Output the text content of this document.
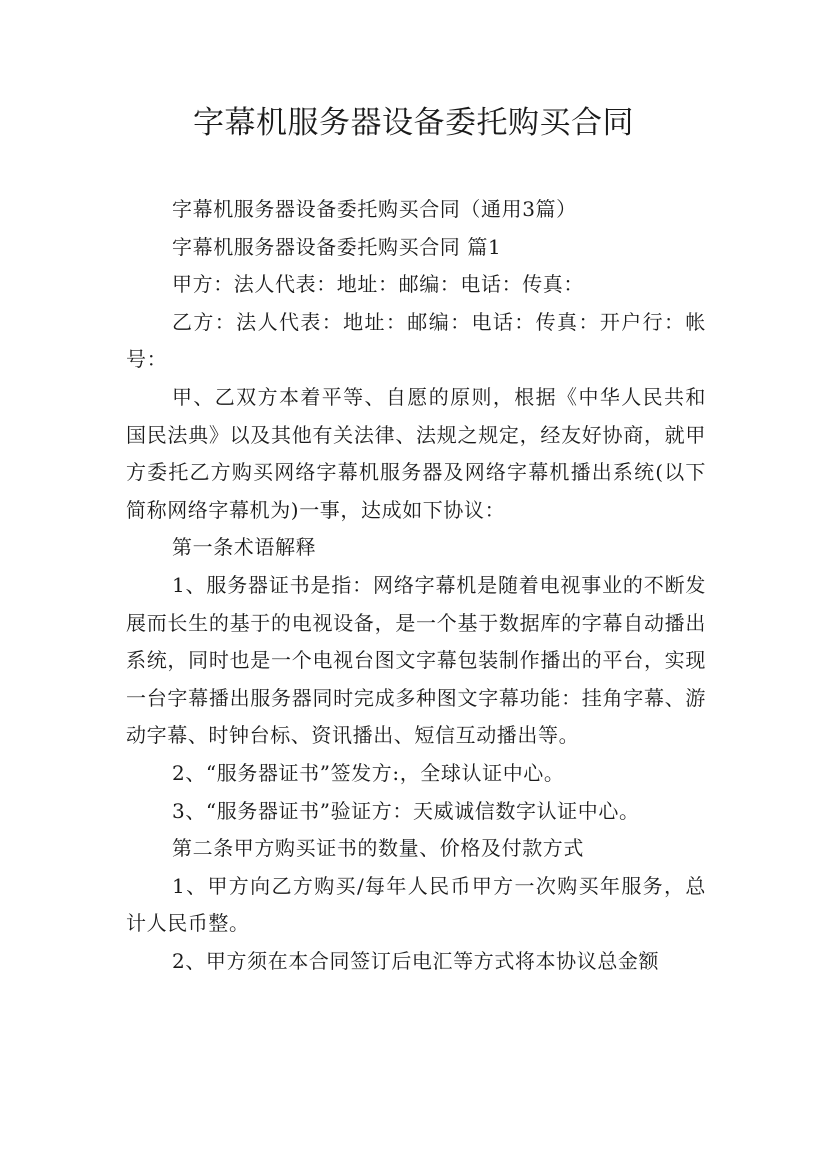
字幕机服务器设备委托购买合同

字幕机服务器设备委托购买合同（通用3篇）

字幕机服务器设备委托购买合同 篇1

甲方：法人代表：地址：邮编：电话：传真：

乙方：法人代表：地址：邮编：电话：传真：开户行：帐号：

甲、乙双方本着平等、自愿的原则，根据《中华人民共和国民法典》以及其他有关法律、法规之规定，经友好协商，就甲方委托乙方购买网络字幕机服务器及网络字幕机播出系统(以下简称网络字幕机为)一事，达成如下协议：

第一条术语解释

1、服务器证书是指：网络字幕机是随着电视事业的不断发展而长生的基于的电视设备，是一个基于数据库的字幕自动播出系统，同时也是一个电视台图文字幕包装制作播出的平台，实现一台字幕播出服务器同时完成多种图文字幕功能：挂角字幕、游动字幕、时钟台标、资讯播出、短信互动播出等。

2、“服务器证书”签发方:，全球认证中心。

3、“服务器证书”验证方：天威诚信数字认证中心。

第二条甲方购买证书的数量、价格及付款方式

1、甲方向乙方购买/每年人民币甲方一次购买年服务，总计人民币整。

2、甲方须在本合同签订后电汇等方式将本协议总金额
